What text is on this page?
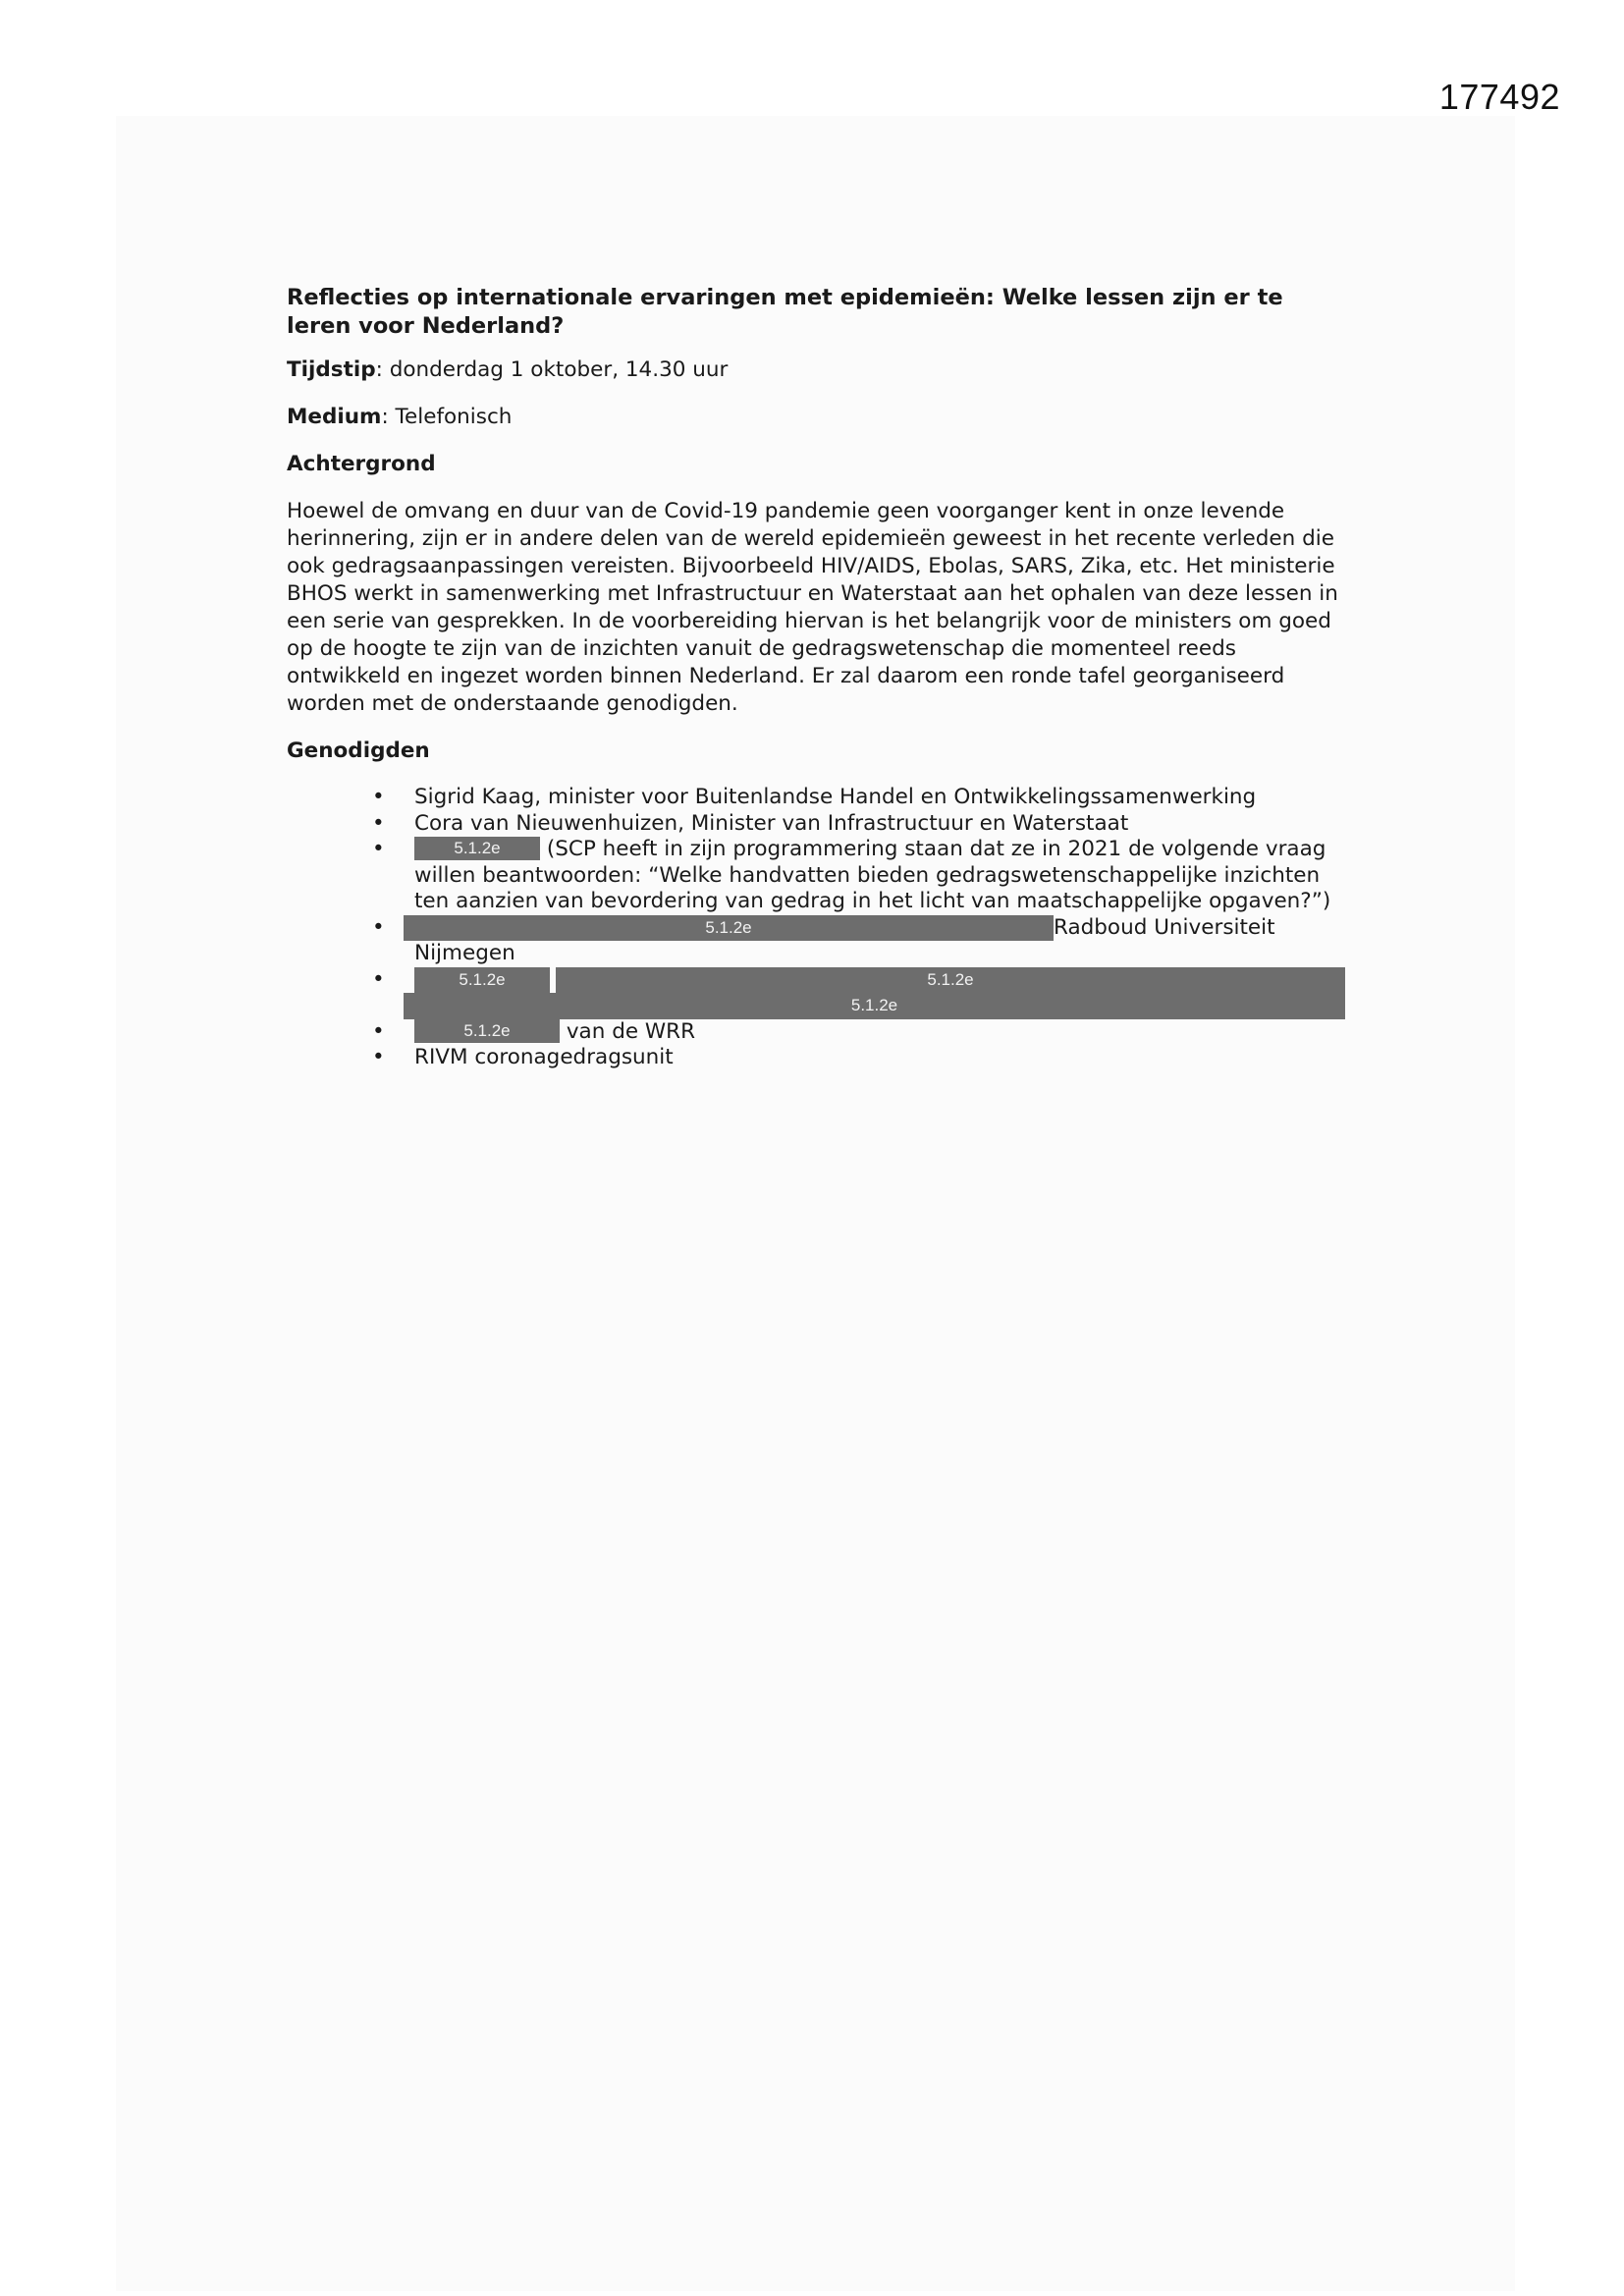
177492
Reflecties op internationale ervaringen met epidemieën: Welke lessen zijn er te leren voor Nederland?
Tijdstip: donderdag 1 oktober, 14.30 uur
Medium: Telefonisch
Achtergrond
Hoewel de omvang en duur van de Covid-19 pandemie geen voorganger kent in onze levende herinnering, zijn er in andere delen van de wereld epidemieën geweest in het recente verleden die ook gedragsaanpassingen vereisten. Bijvoorbeeld HIV/AIDS, Ebolas, SARS, Zika, etc. Het ministerie BHOS werkt in samenwerking met Infrastructuur en Waterstaat aan het ophalen van deze lessen in een serie van gesprekken. In de voorbereiding hiervan is het belangrijk voor de ministers om goed op de hoogte te zijn van de inzichten vanuit de gedragswetenschap die momenteel reeds ontwikkeld en ingezet worden binnen Nederland. Er zal daarom een ronde tafel georganiseerd worden met de onderstaande genodigden.
Genodigden
• Sigrid Kaag, minister voor Buitenlandse Handel en Ontwikkelingssamenwerking
• Cora van Nieuwenhuizen, Minister van Infrastructuur en Waterstaat
• 5.1.2e (SCP heeft in zijn programmering staan dat ze in 2021 de volgende vraag willen beantwoorden: “Welke handvatten bieden gedragswetenschappelijke inzichten ten aanzien van bevordering van gedrag in het licht van maatschappelijke opgaven?”)
• 5.1.2e	Radboud Universiteit
Nijmegen
• 5.1.2e	5.1.2e
5.1.2e
• 5.1.2e van de WRR
• RIVM coronagedragsunit
